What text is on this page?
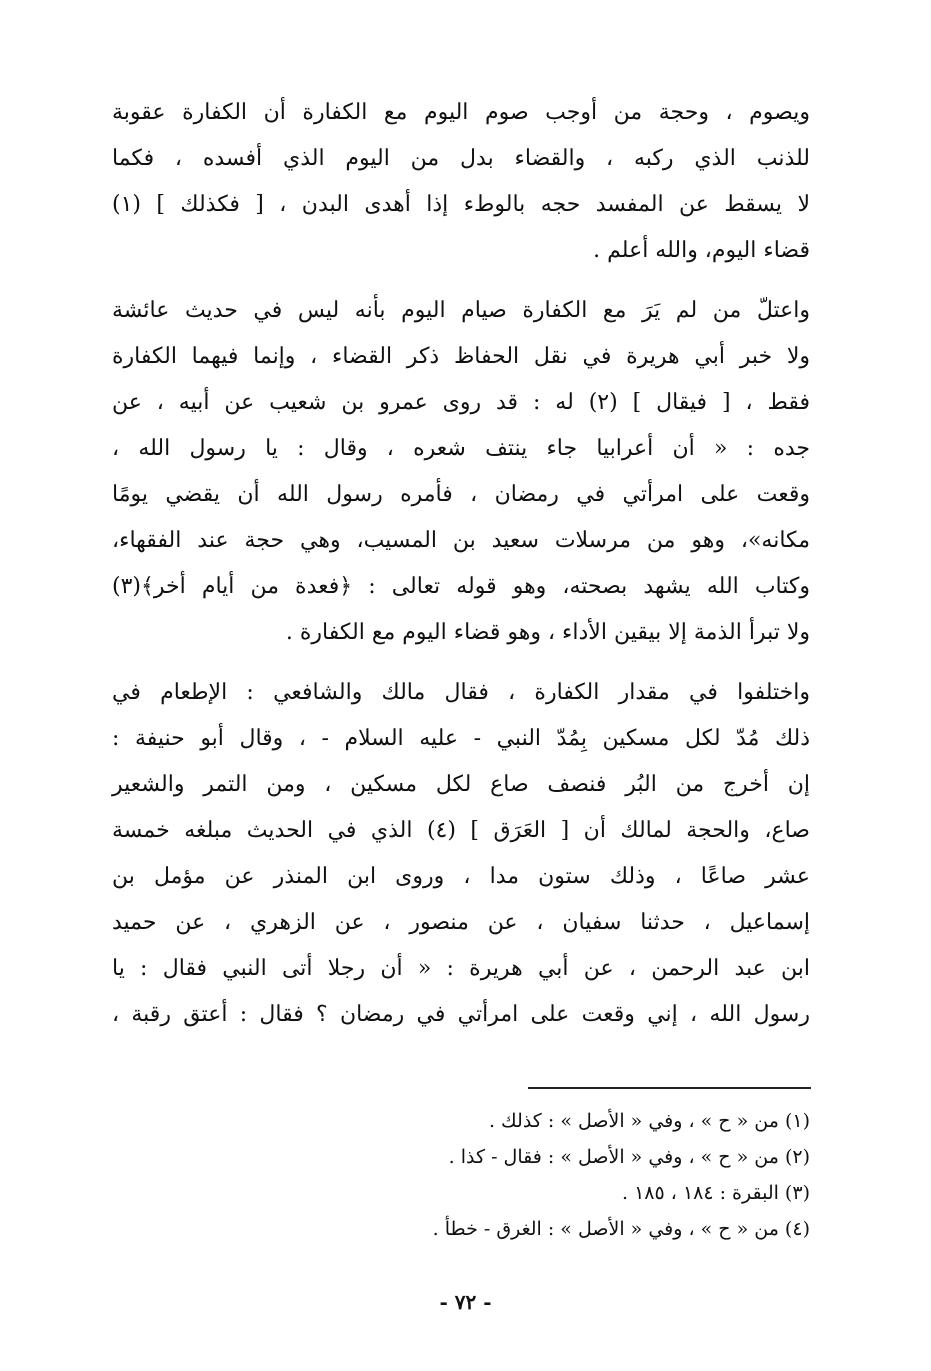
ويصوم ، وحجة من أوجب صوم اليوم مع الكفارة أن الكفارة عقوبة
للذنب الذي ركبه ، والقضاء بدل من اليوم الذي أفسده ، فكما
لا يسقط عن المفسد حجه بالوطء إذا أهدى البدن ، [ فكذلك ] (١)
قضاء اليوم، والله أعلم .
واعتلّ من لم يَرَ مع الكفارة صيام اليوم بأنه ليس في حديث عائشة
ولا خبر أبي هريرة في نقل الحفاظ ذكر القضاء ، وإنما فيهما الكفارة
فقط ، [ فيقال ] (٢) له : قد روى عمرو بن شعيب عن أبيه ، عن
جده : « أن أعرابيا جاء ينتف شعره ، وقال : يا رسول الله ،
وقعت على امرأتي في رمضان ، فأمره رسول الله أن يقضي يومًا
مكانه»، وهو من مرسلات سعيد بن المسيب، وهي حجة عند الفقهاء،
وكتاب الله يشهد بصحته، وهو قوله تعالى : ﴿فعدة من أيام أخر﴾(٣)
ولا تبرأ الذمة إلا بيقين الأداء ، وهو قضاء اليوم مع الكفارة .
واختلفوا في مقدار الكفارة ، فقال مالك والشافعي : الإطعام في
ذلك مُدّ لكل مسكين بِمُدّ النبي - عليه السلام - ، وقال أبو حنيفة :
إن أخرج من البُر فنصف صاع لكل مسكين ، ومن التمر والشعير
صاع، والحجة لمالك أن [ العَرَق ] (٤) الذي في الحديث مبلغه خمسة
عشر صاعًا ، وذلك ستون مدا ، وروى ابن المنذر عن مؤمل بن
إسماعيل ، حدثنا سفيان ، عن منصور ، عن الزهري ، عن حميد
ابن عبد الرحمن ، عن أبي هريرة : « أن رجلا أتى النبي فقال : يا
رسول الله ، إني وقعت على امرأتي في رمضان ؟ فقال : أعتق رقبة ،
(١) من « ح » ، وفي « الأصل » : كذلك .
(٢) من « ح » ، وفي « الأصل » : فقال - كذا .
(٣) البقرة : ١٨٤ ، ١٨٥ .
(٤) من « ح » ، وفي « الأصل » : الغرق - خطأ .
- ٧٢ -
